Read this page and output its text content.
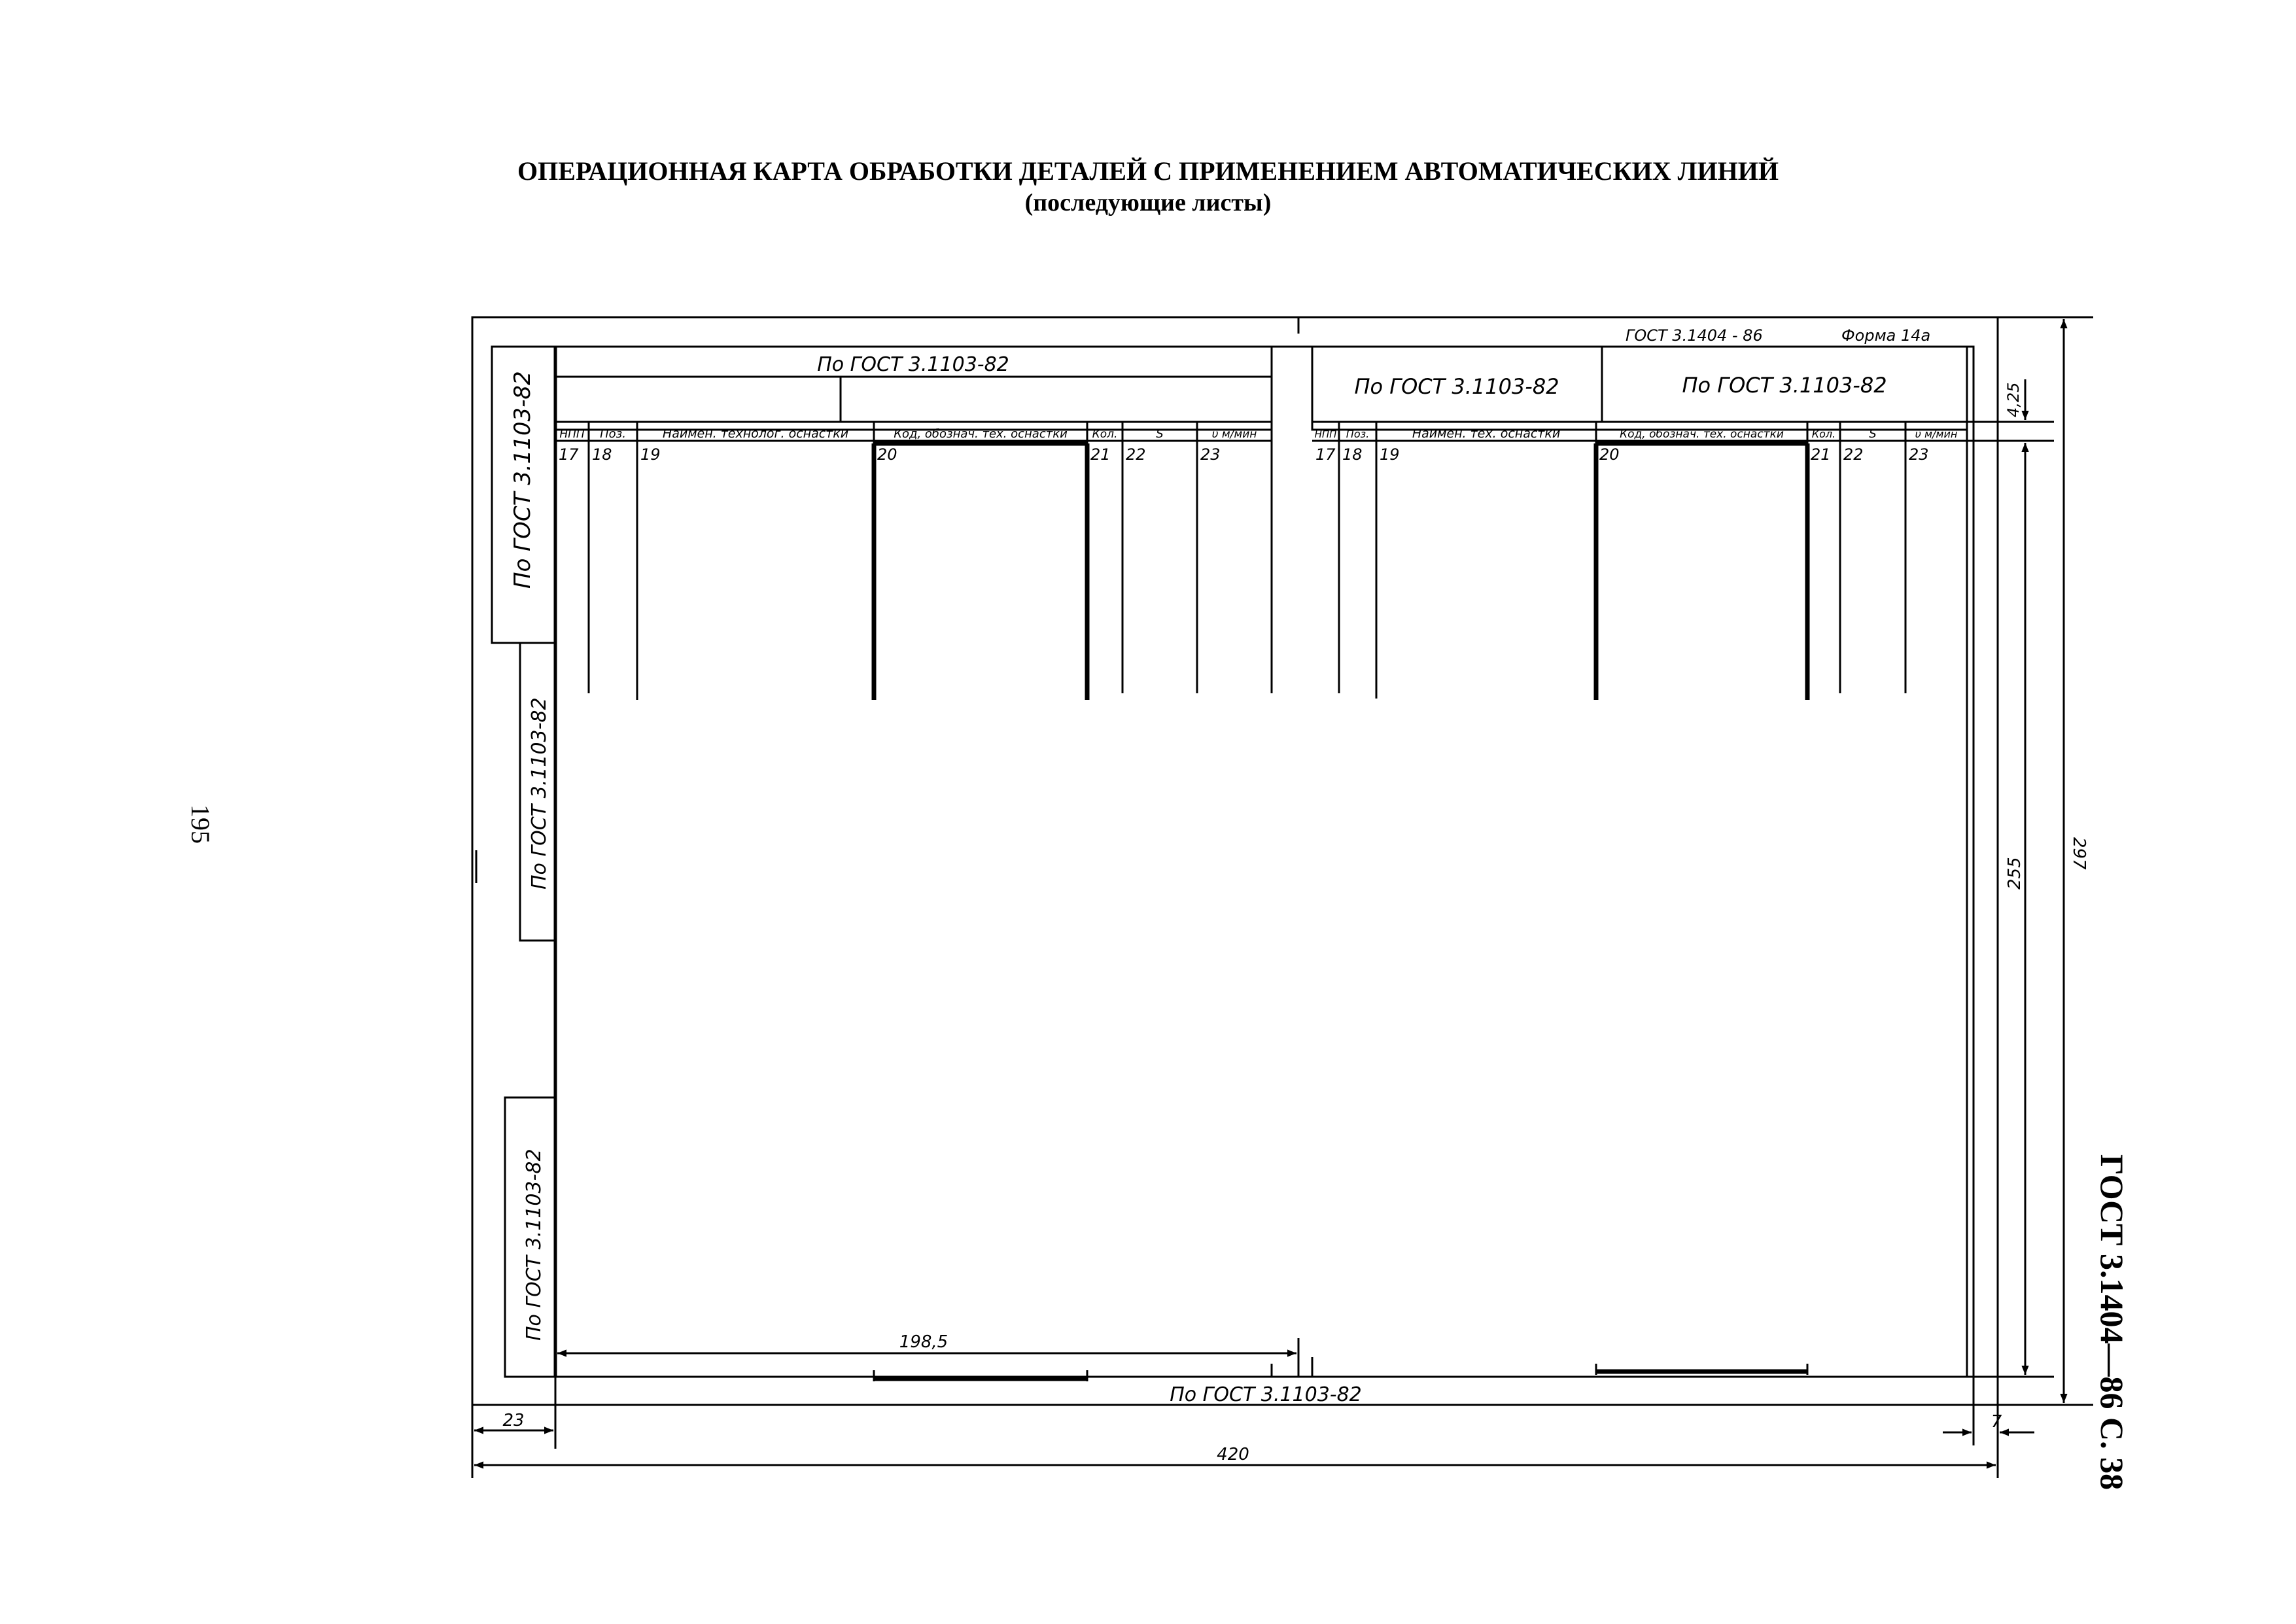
ОПЕРАЦИОННАЯ КАРТА ОБРАБОТКИ ДЕТАЛЕЙ С ПРИМЕНЕНИЕМ АВТОМАТИЧЕСКИХ ЛИНИЙ
(последующие листы)
195
ГОСТ 3.1404—86 С. 38
ГОСТ 3.1404 - 86	Форма 14а
По ГОСТ 3.1103-82
По ГОСТ 3.1103-82	По ГОСТ 3.1103-82
По ГОСТ 3.1103-82
НПП
17
Поз.
18
Наимен. технолог. оснастки
19
Код, обознач. тех. оснастки
20
Кол.
21
S
22
υ м/мин
23
НПП
17
Поз.
18
Наимен. тех. оснастки
19
Код, обознач. тех. оснастки
20
Кол.
21
S
22
υ м/мин
23
По ГОСТ 3.1103-82
По ГОСТ 3.1103-82
По ГОСТ 3.1103-82
198,5
23
420
7
4,25
255
297
